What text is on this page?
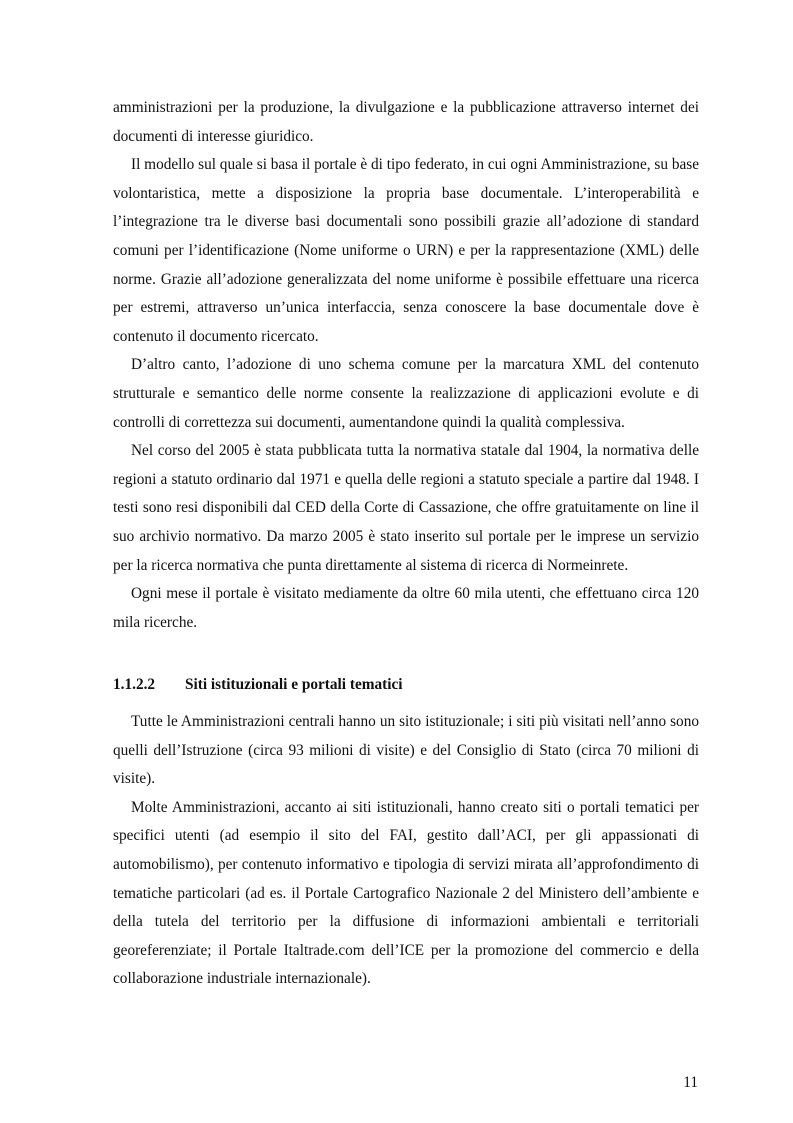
amministrazioni per la produzione, la divulgazione e la pubblicazione attraverso internet dei documenti di interesse giuridico.

Il modello sul quale si basa il portale è di tipo federato, in cui ogni Amministrazione, su base volontaristica, mette a disposizione la propria base documentale. L’interoperabilità e l’integrazione tra le diverse basi documentali sono possibili grazie all’adozione di standard comuni per l’identificazione (Nome uniforme o URN) e per la rappresentazione (XML) delle norme. Grazie all’adozione generalizzata del nome uniforme è possibile effettuare una ricerca per estremi, attraverso un’unica interfaccia, senza conoscere la base documentale dove è contenuto il documento ricercato.

D’altro canto, l’adozione di uno schema comune per la marcatura XML del contenuto strutturale e semantico delle norme consente la realizzazione di applicazioni evolute e di controlli di correttezza sui documenti, aumentandone quindi la qualità complessiva.

Nel corso del 2005 è stata pubblicata tutta la normativa statale dal 1904, la normativa delle regioni a statuto ordinario dal 1971 e quella delle regioni a statuto speciale a partire dal 1948. I testi sono resi disponibili dal CED della Corte di Cassazione, che offre gratuitamente on line il suo archivio normativo. Da marzo 2005 è stato inserito sul portale per le imprese un servizio per la ricerca normativa che punta direttamente al sistema di ricerca di Normeinrete.

Ogni mese il portale è visitato mediamente da oltre 60 mila utenti, che effettuano circa 120 mila ricerche.

1.1.2.2 Siti istituzionali e portali tematici

Tutte le Amministrazioni centrali hanno un sito istituzionale; i siti più visitati nell’anno sono quelli dell’Istruzione (circa 93 milioni di visite) e del Consiglio di Stato (circa 70 milioni di visite).

Molte Amministrazioni, accanto ai siti istituzionali, hanno creato siti o portali tematici per specifici utenti (ad esempio il sito del FAI, gestito dall’ACI, per gli appassionati di automobilismo), per contenuto informativo e tipologia di servizi mirata all’approfondimento di tematiche particolari (ad es. il Portale Cartografico Nazionale 2 del Ministero dell’ambiente e della tutela del territorio per la diffusione di informazioni ambientali e territoriali georeferenziate; il Portale Italtrade.com dell’ICE per la promozione del commercio e della collaborazione industriale internazionale).

11
